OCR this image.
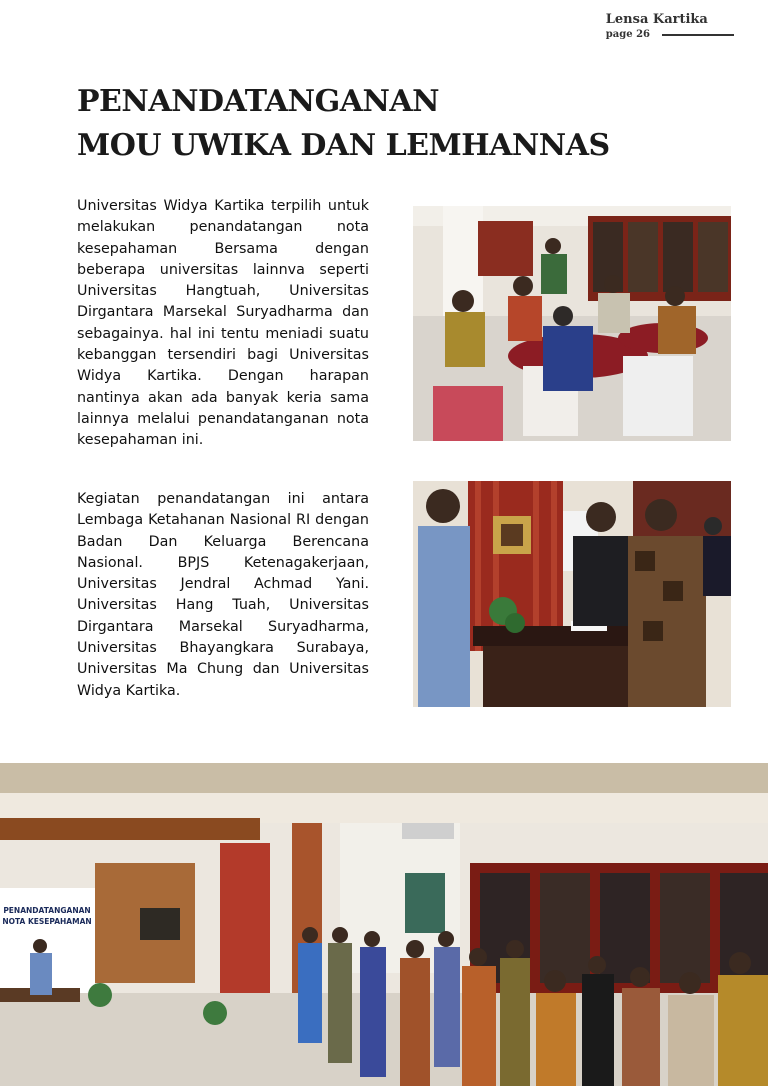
Lensa Kartika
page 26
PENANDATANGANAN
MOU UWIKA DAN LEMHANNAS

Universitas Widya Kartika terpilih untuk melakukan penandatangan nota kesepahaman Bersama dengan beberapa universitas lainnva seperti Universitas Hangtuah, Universitas Dirgantara Marsekal Suryadharma dan sebagainya. hal ini tentu meniadi suatu kebanggan tersendiri bagi Universitas Widya Kartika. Dengan harapan nantinya akan ada banyak keria sama lainnya melalui penandatanganan nota kesepahaman ini.

Kegiatan penandatangan ini antara Lembaga Ketahanan Nasional RI dengan Badan Dan Keluarga Berencana Nasional. BPJS Ketenagakerjaan, Universitas Jendral Achmad Yani. Universitas Hang Tuah, Universitas Dirgantara Marsekal Suryadharma, Universitas Bhayangkara Surabaya, Universitas Ma Chung dan Universitas Widya Kartika.

PENANDATANGANAN
NOTA KESEPAHAMAN
